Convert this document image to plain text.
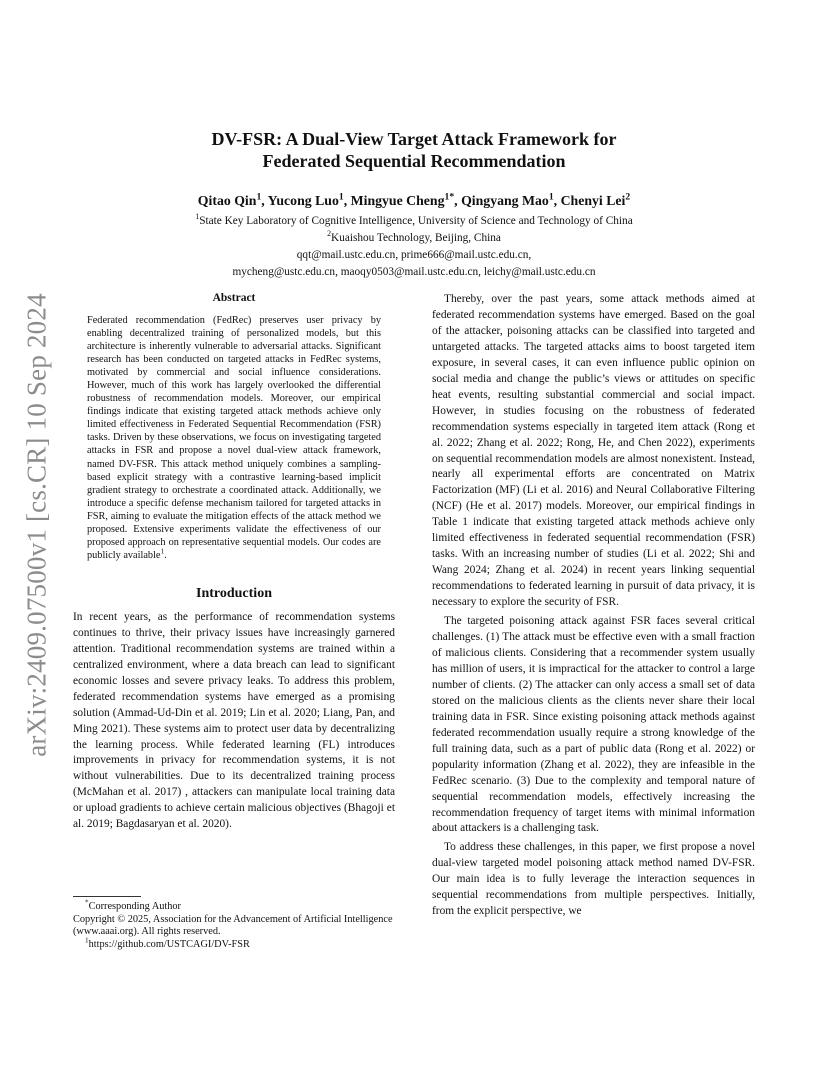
arXiv:2409.07500v1 [cs.CR] 10 Sep 2024
DV-FSR: A Dual-View Target Attack Framework for
Federated Sequential Recommendation
Qitao Qin$^1$, Yucong Luo$^1$, Mingyue Cheng$^{1*}$, Qingyang Mao$^1$, Chenyi Lei$^2$
$^1$State Key Laboratory of Cognitive Intelligence, University of Science and Technology of China
$^2$Kuaishou Technology, Beijing, China
qqt@mail.ustc.edu.cn, prime666@mail.ustc.edu.cn,
mycheng@ustc.edu.cn, maoqy0503@mail.ustc.edu.cn, leichy@mail.ustc.edu.cn
Abstract
Federated recommendation (FedRec) preserves user privacy by enabling decentralized training of personalized models, but this architecture is inherently vulnerable to adversarial attacks. Significant research has been conducted on targeted attacks in FedRec systems, motivated by commercial and social influence considerations. However, much of this work has largely overlooked the differential robustness of recommendation models. Moreover, our empirical findings indicate that existing targeted attack methods achieve only limited effectiveness in Federated Sequential Recommendation (FSR) tasks. Driven by these observations, we focus on investigating targeted attacks in FSR and propose a novel dual-view attack framework, named DV-FSR. This attack method uniquely combines a sampling-based explicit strategy with a contrastive learning-based implicit gradient strategy to orchestrate a coordinated attack. Additionally, we introduce a specific defense mechanism tailored for targeted attacks in FSR, aiming to evaluate the mitigation effects of the attack method we proposed. Extensive experiments validate the effectiveness of our proposed approach on representative sequential models. Our codes are publicly available$^1$.
Introduction

In recent years, as the performance of recommendation systems continues to thrive, their privacy issues have increasingly garnered attention. Traditional recommendation systems are trained within a centralized environment, where a data breach can lead to significant economic losses and severe privacy leaks. To address this problem, federated recommendation systems have emerged as a promising solution (Ammad-Ud-Din et al. 2019; Lin et al. 2020; Liang, Pan, and Ming 2021). These systems aim to protect user data by decentralizing the learning process. While federated learning (FL) introduces improvements in privacy for recommendation systems, it is not without vulnerabilities. Due to its decentralized training process (McMahan et al. 2017) , attackers can manipulate local training data or upload gradients to achieve certain malicious objectives (Bhagoji et al. 2019; Bagdasaryan et al. 2020).

Thereby, over the past years, some attack methods aimed at federated recommendation systems have emerged. Based on the goal of the attacker, poisoning attacks can be classified into targeted and untargeted attacks. The targeted attacks aims to boost targeted item exposure, in several cases, it can even influence public opinion on social media and change the public’s views or attitudes on specific heat events, resulting substantial commercial and social impact. However, in studies focusing on the robustness of federated recommendation systems especially in targeted item attack (Rong et al. 2022; Zhang et al. 2022; Rong, He, and Chen 2022), experiments on sequential recommendation models are almost nonexistent. Instead, nearly all experimental efforts are concentrated on Matrix Factorization (MF) (Li et al. 2016) and Neural Collaborative Filtering (NCF) (He et al. 2017) models. Moreover, our empirical findings in Table 1 indicate that existing targeted attack methods achieve only limited effectiveness in federated sequential recommendation (FSR) tasks. With an increasing number of studies (Li et al. 2022; Shi and Wang 2024; Zhang et al. 2024) in recent years linking sequential recommendations to federated learning in pursuit of data privacy, it is necessary to explore the security of FSR.

The targeted poisoning attack against FSR faces several critical challenges. (1) The attack must be effective even with a small fraction of malicious clients. Considering that a recommender system usually has million of users, it is impractical for the attacker to control a large number of clients. (2) The attacker can only access a small set of data stored on the malicious clients as the clients never share their local training data in FSR. Since existing poisoning attack methods against federated recommendation usually require a strong knowledge of the full training data, such as a part of public data (Rong et al. 2022) or popularity information (Zhang et al. 2022), they are infeasible in the FedRec scenario. (3) Due to the complexity and temporal nature of sequential recommendation models, effectively increasing the recommendation frequency of target items with minimal information about attackers is a challenging task.

To address these challenges, in this paper, we first propose a novel dual-view targeted model poisoning attack method named DV-FSR. Our main idea is to fully leverage the interaction sequences in sequential recommendations from multiple perspectives. Initially, from the explicit perspective, we

*Corresponding Author

Copyright © 2025, Association for the Advancement of Artificial Intelligence (www.aaai.org). All rights reserved.

$^1$https://github.com/USTCAGI/DV-FSR
